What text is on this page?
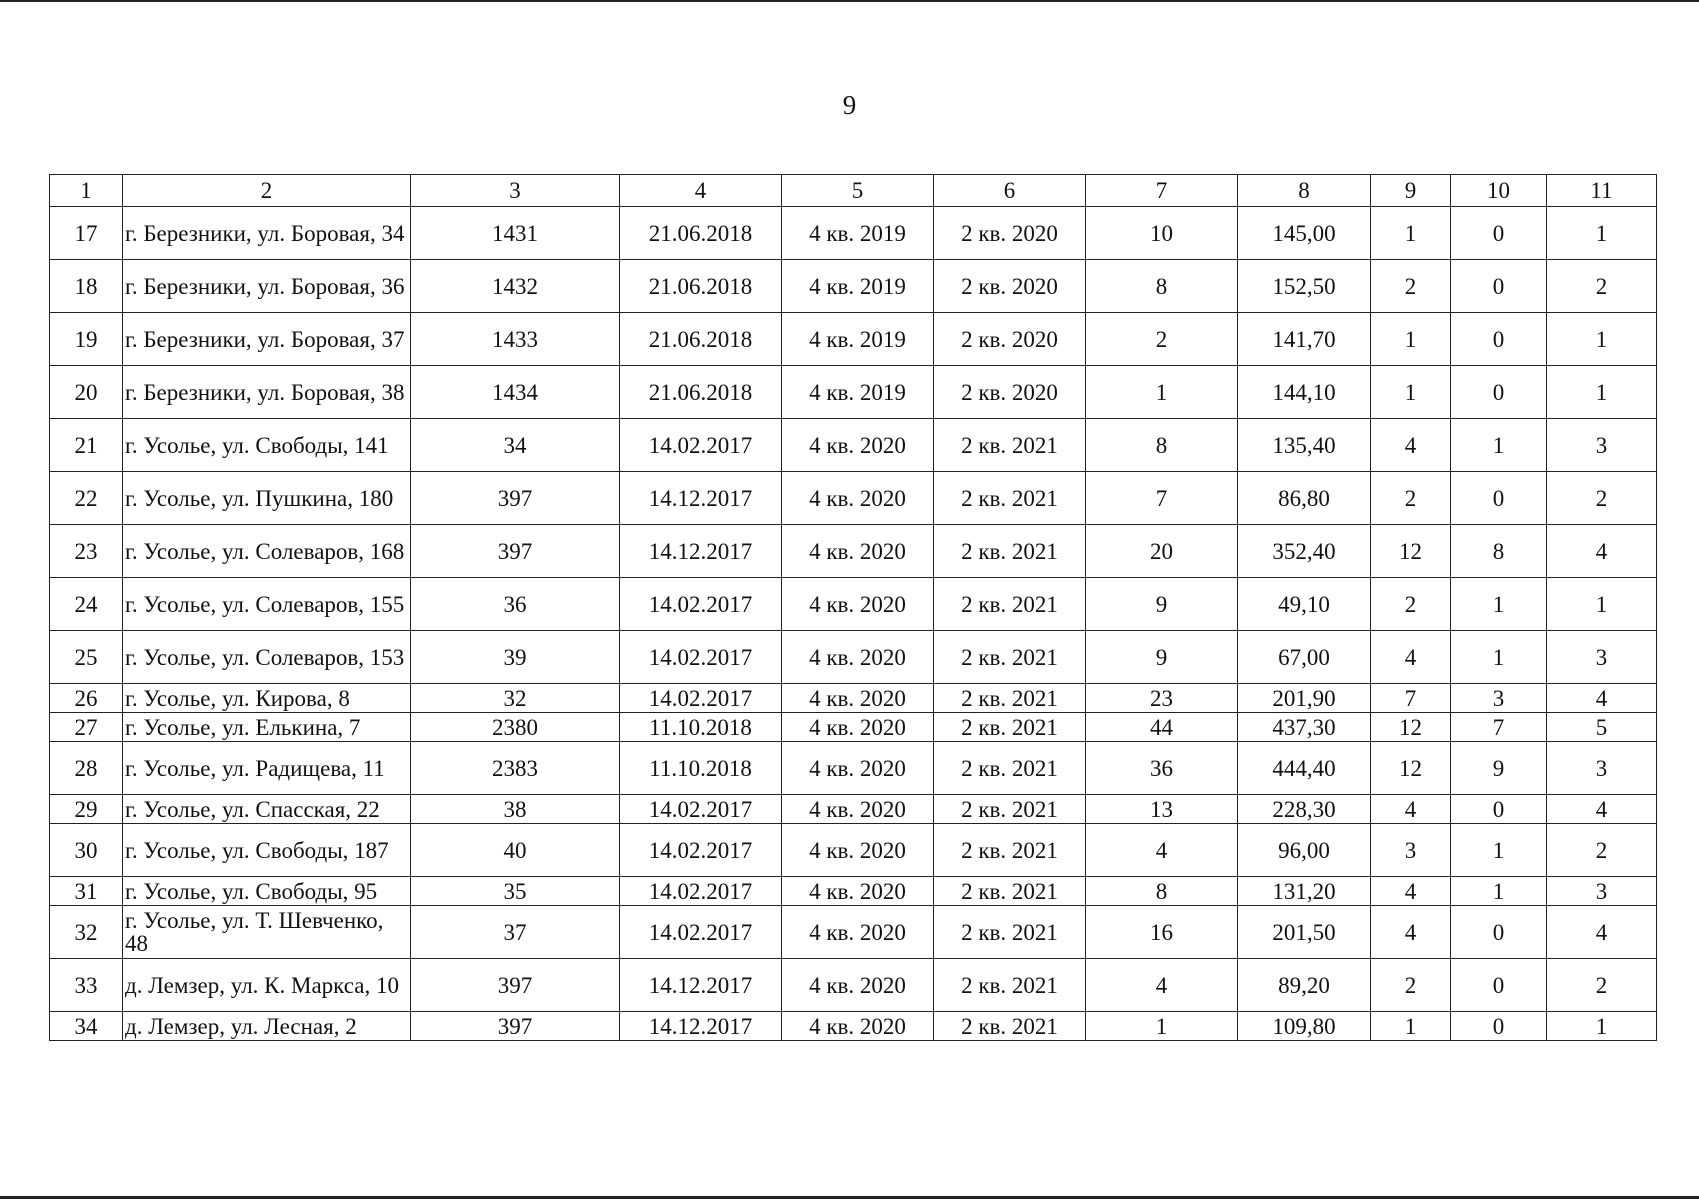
9
1	2	3	4	5	6	7	8	9	10	11
17	г. Березники, ул. Боровая, 34	1431	21.06.2018	4 кв. 2019	2 кв. 2020	10	145,00	1	0	1
18	г. Березники, ул. Боровая, 36	1432	21.06.2018	4 кв. 2019	2 кв. 2020	8	152,50	2	0	2
19	г. Березники, ул. Боровая, 37	1433	21.06.2018	4 кв. 2019	2 кв. 2020	2	141,70	1	0	1
20	г. Березники, ул. Боровая, 38	1434	21.06.2018	4 кв. 2019	2 кв. 2020	1	144,10	1	0	1
21	г. Усолье, ул. Свободы, 141	34	14.02.2017	4 кв. 2020	2 кв. 2021	8	135,40	4	1	3
22	г. Усолье, ул. Пушкина, 180	397	14.12.2017	4 кв. 2020	2 кв. 2021	7	86,80	2	0	2
23	г. Усолье, ул. Солеваров, 168	397	14.12.2017	4 кв. 2020	2 кв. 2021	20	352,40	12	8	4
24	г. Усолье, ул. Солеваров, 155	36	14.02.2017	4 кв. 2020	2 кв. 2021	9	49,10	2	1	1
25	г. Усолье, ул. Солеваров, 153	39	14.02.2017	4 кв. 2020	2 кв. 2021	9	67,00	4	1	3
26	г. Усолье, ул. Кирова, 8	32	14.02.2017	4 кв. 2020	2 кв. 2021	23	201,90	7	3	4
27	г. Усолье, ул. Елькина, 7	2380	11.10.2018	4 кв. 2020	2 кв. 2021	44	437,30	12	7	5
28	г. Усолье, ул. Радищева, 11	2383	11.10.2018	4 кв. 2020	2 кв. 2021	36	444,40	12	9	3
29	г. Усолье, ул. Спасская, 22	38	14.02.2017	4 кв. 2020	2 кв. 2021	13	228,30	4	0	4
30	г. Усолье, ул. Свободы, 187	40	14.02.2017	4 кв. 2020	2 кв. 2021	4	96,00	3	1	2
31	г. Усолье, ул. Свободы, 95	35	14.02.2017	4 кв. 2020	2 кв. 2021	8	131,20	4	1	3
32	г. Усолье, ул. Т. Шевченко, 48	37	14.02.2017	4 кв. 2020	2 кв. 2021	16	201,50	4	0	4
33	д. Лемзер, ул. К. Маркса, 10	397	14.12.2017	4 кв. 2020	2 кв. 2021	4	89,20	2	0	2
34	д. Лемзер, ул. Лесная, 2	397	14.12.2017	4 кв. 2020	2 кв. 2021	1	109,80	1	0	1
